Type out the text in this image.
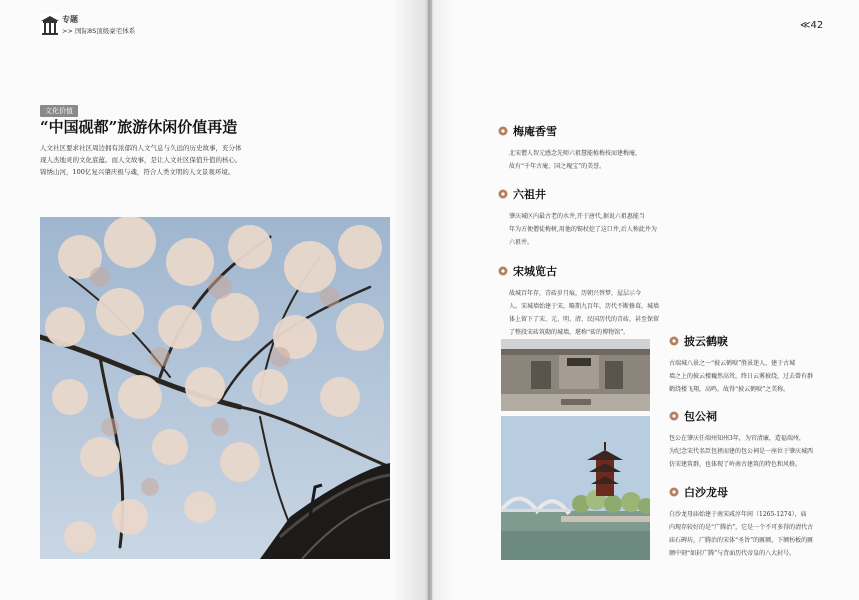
专题
>> 国际8S顶级豪宅体系
文化价值
“中国砚都”旅游休闲价值再造

人文社区要求社区周边拥有浓郁的人文气息与久远的历史故事，充分体

现人杰地灵的文化底蕴。而人文故事，是让人文社区保值升值的核心。

锦绣山河，100亿复兴肇庆极与魂，符合人类文明的人文景观环境。

≪42
梅庵香雪

北宋僧人智元感念先师六祖慧能植梅枝而建梅庵，

故有“千年古庵，国之瑰宝”的美誉。

六祖井

肇庆城区内最古老的水井,开于唐代,据说六祖惠能当

年为方便僧徒梅树,用他的锡杖挖了这口井,后人称此井为

六祖井。

宋城览古

战城百年存，青砖岁月痕，历朝兴替梦，屋层示今

人。宋城墙始建于宋，略期九百年，历代不断修葺，城墙

体上留下了宋、元、明、清、民国历代的青砖，甚至保留

了整段宋砖筑砌的城墙，堪称“砖的博物馆”。

披云鹤唳

古端城八景之一“披云鹤唳”胜景迷人，建于古城

墙之上的披云楼巍然高耸，终日云雾披绕，过去曾有群

鹤绕楼飞翔，高鸣，故得“披云鹤唳”之美称。

包公祠

包公在肇庆任端州知州3年，为官清廉，造福端州，

为纪念宋代名臣包拯而建的包公祠是一座位于肇庆城西

仿宋建筑群，也体现了岭南古建筑的特色和风格。

白沙龙母

白沙龙母庙始建于南宋咸淳年间（1265-1274），庙

内现存较好的是“广腾治”，它是一个不可多得的清代古

庙石碑坊，广腾治的宋体“圣旨”的匾额，下额枋板的匾

额中刻“如封广腾”与背面历代帝皇的八大封号。
